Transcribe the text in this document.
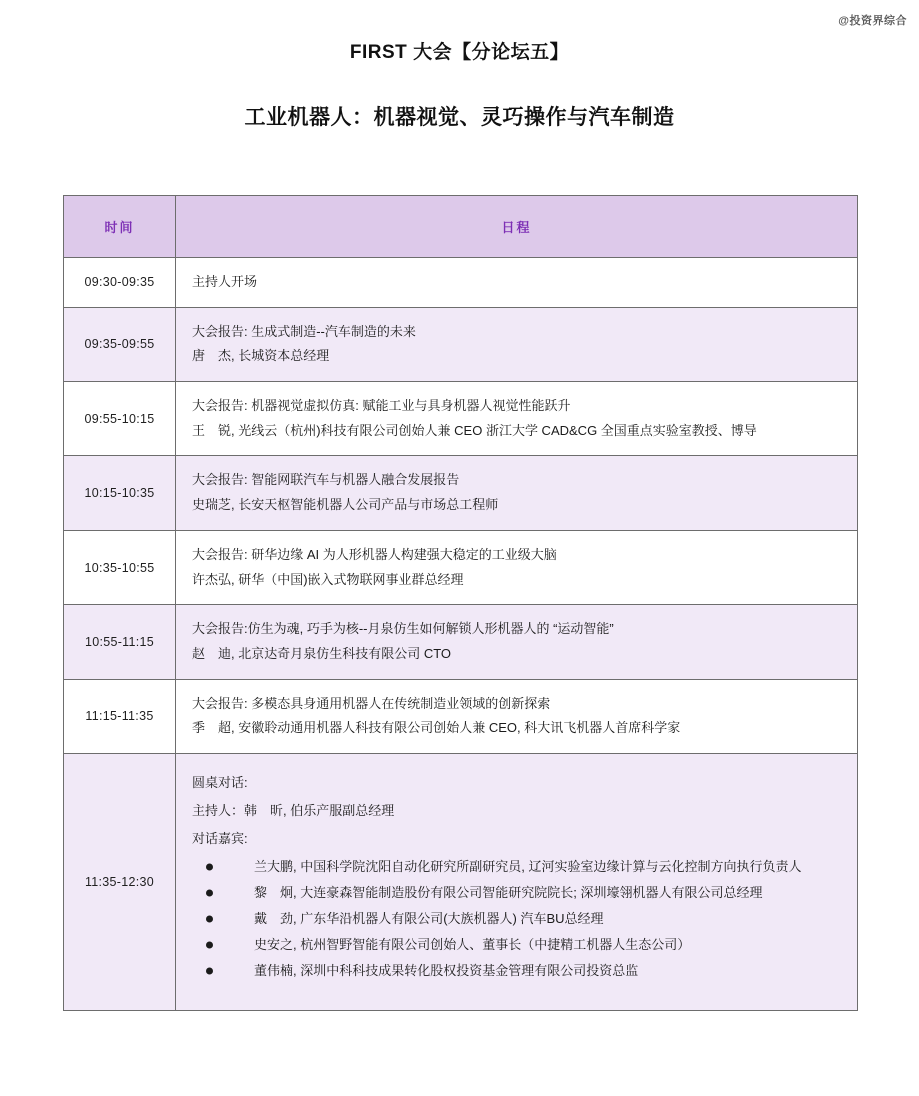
@投资界综合
FIRST 大会【分论坛五】
工业机器人：机器视觉、灵巧操作与汽车制造
时间	日程
09:30-09:35	主持人开场

09:35-09:55	大会报告: 生成式制造--汽车制造的未来
唐　杰, 长城资本总经理

09:55-10:15	大会报告: 机器视觉虚拟仿真: 赋能工业与具身机器人视觉性能跃升
王　锐, 光线云（杭州)科技有限公司创始人兼 CEO 浙江大学 CAD&CG 全国重点实验室教授、博导

10:15-10:35	大会报告: 智能网联汽车与机器人融合发展报告
史瑞芝, 长安天枢智能机器人公司产品与市场总工程师

10:35-10:55	大会报告: 研华边缘 AI 为人形机器人构建强大稳定的工业级大脑
许杰弘, 研华（中国)嵌入式物联网事业群总经理

10:55-11:15	大会报告:仿生为魂, 巧手为核--月泉仿生如何解锁人形机器人的 “运动智能”
赵　迪, 北京达奇月泉仿生科技有限公司 CTO

11:15-11:35	大会报告: 多模态具身通用机器人在传统制造业领域的创新探索
季　超, 安徽聆动通用机器人科技有限公司创始人兼 CEO, 科大讯飞机器人首席科学家

11:35-12:30	
圆桌对话:
主持人：韩　昕, 伯乐产服副总经理
对话嘉宾:
兰大鹏, 中国科学院沈阳自动化研究所副研究员, 辽河实验室边缘计算与云化控制方向执行负责人
黎　炯, 大连豪森智能制造股份有限公司智能研究院院长; 深圳壕翎机器人有限公司总经理
戴　劲, 广东华沿机器人有限公司(大族机器人) 汽车BU总经理
史安之, 杭州智野智能有限公司创始人、董事长（中捷精工机器人生态公司）
董伟楠, 深圳中科科技成果转化股权投资基金管理有限公司投资总监
